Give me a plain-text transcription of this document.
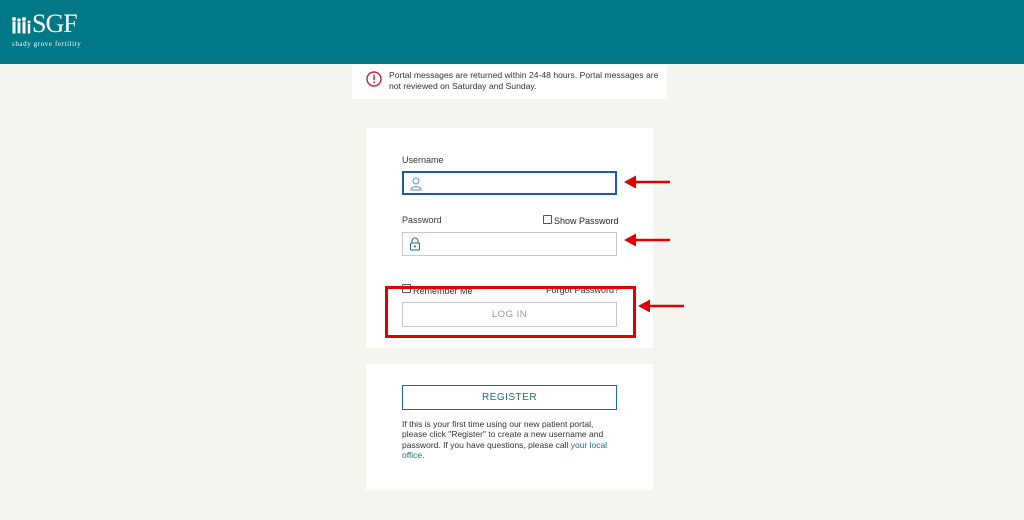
SGF
shady grove fertility
Portal messages are returned within 24-48 hours. Portal messages are not reviewed on Saturday and Sunday.
Username
Password	Show Password
Remember Me	Forgot Password?
LOG IN
REGISTER
If this is your first time using our new patient portal, please click "Register" to create a new username and password. If you have questions, please call your local office.
